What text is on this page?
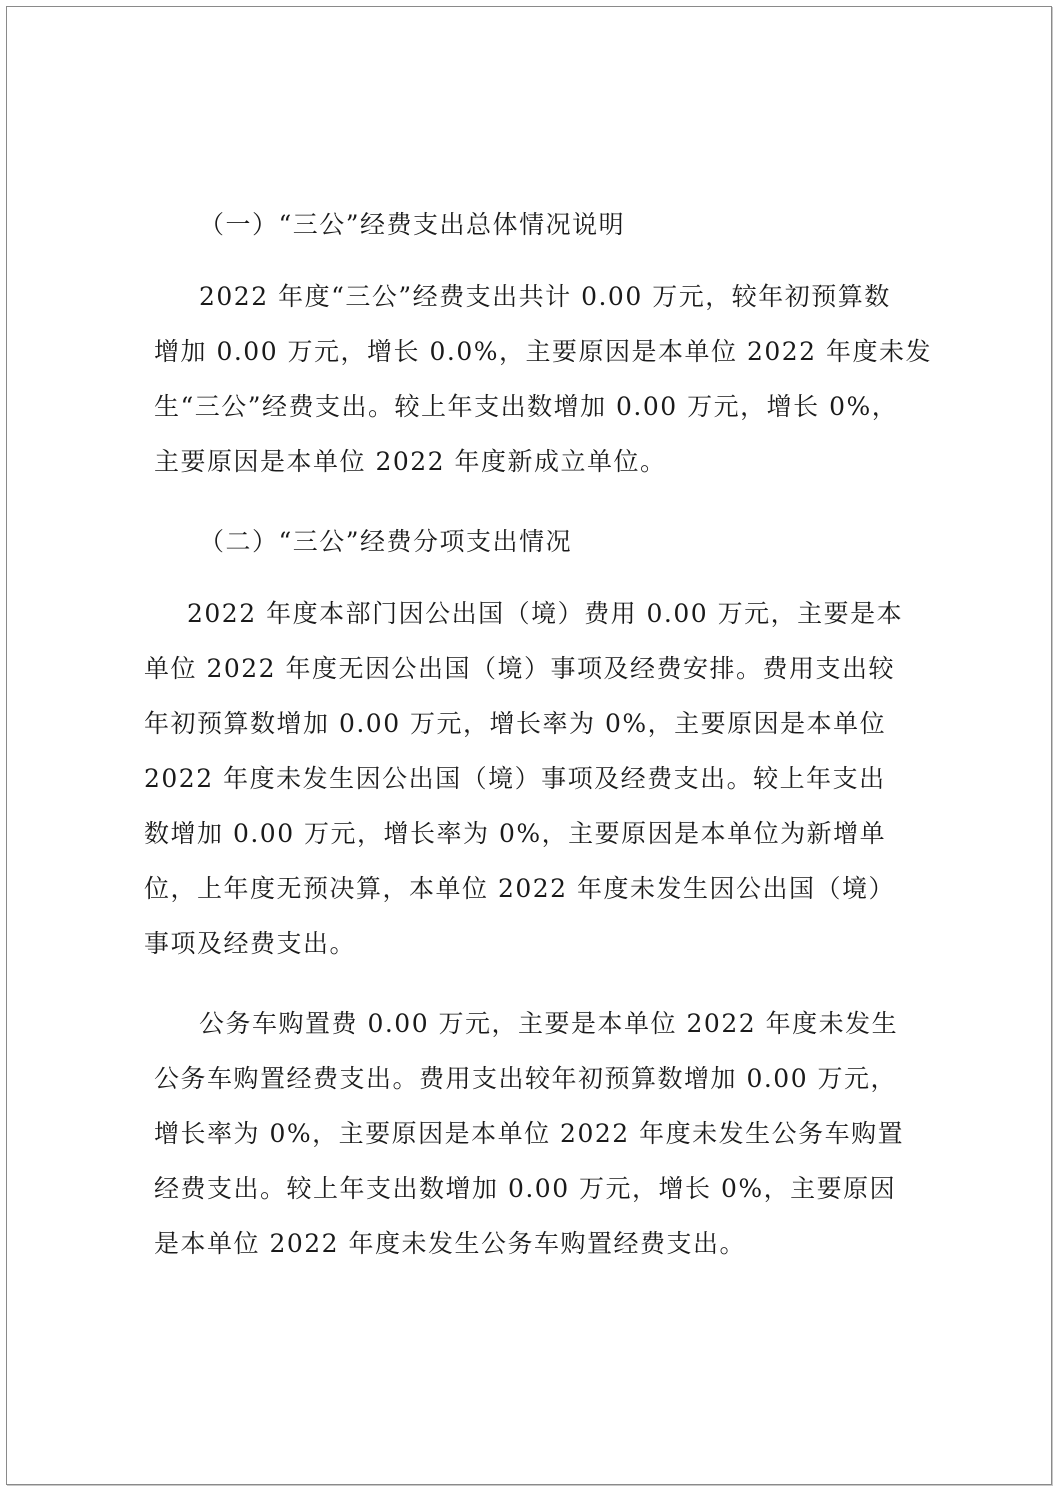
（一）“三公”经费支出总体情况说明
2022 年度“三公”经费支出共计 0.00 万元，较年初预算数
增加 0.00 万元，增长 0.0%，主要原因是本单位 2022 年度未发
生“三公”经费支出。较上年支出数增加 0.00 万元，增长 0%，
主要原因是本单位 2022 年度新成立单位。
（二）“三公”经费分项支出情况
2022 年度本部门因公出国（境）费用 0.00 万元，主要是本
单位 2022 年度无因公出国（境）事项及经费安排。费用支出较
年初预算数增加 0.00 万元，增长率为 0%，主要原因是本单位
2022 年度未发生因公出国（境）事项及经费支出。较上年支出
数增加 0.00 万元，增长率为 0%，主要原因是本单位为新增单
位，上年度无预决算，本单位 2022 年度未发生因公出国（境）
事项及经费支出。
公务车购置费 0.00 万元，主要是本单位 2022 年度未发生
公务车购置经费支出。费用支出较年初预算数增加 0.00 万元，
增长率为 0%，主要原因是本单位 2022 年度未发生公务车购置
经费支出。较上年支出数增加 0.00 万元，增长 0%，主要原因
是本单位 2022 年度未发生公务车购置经费支出。
